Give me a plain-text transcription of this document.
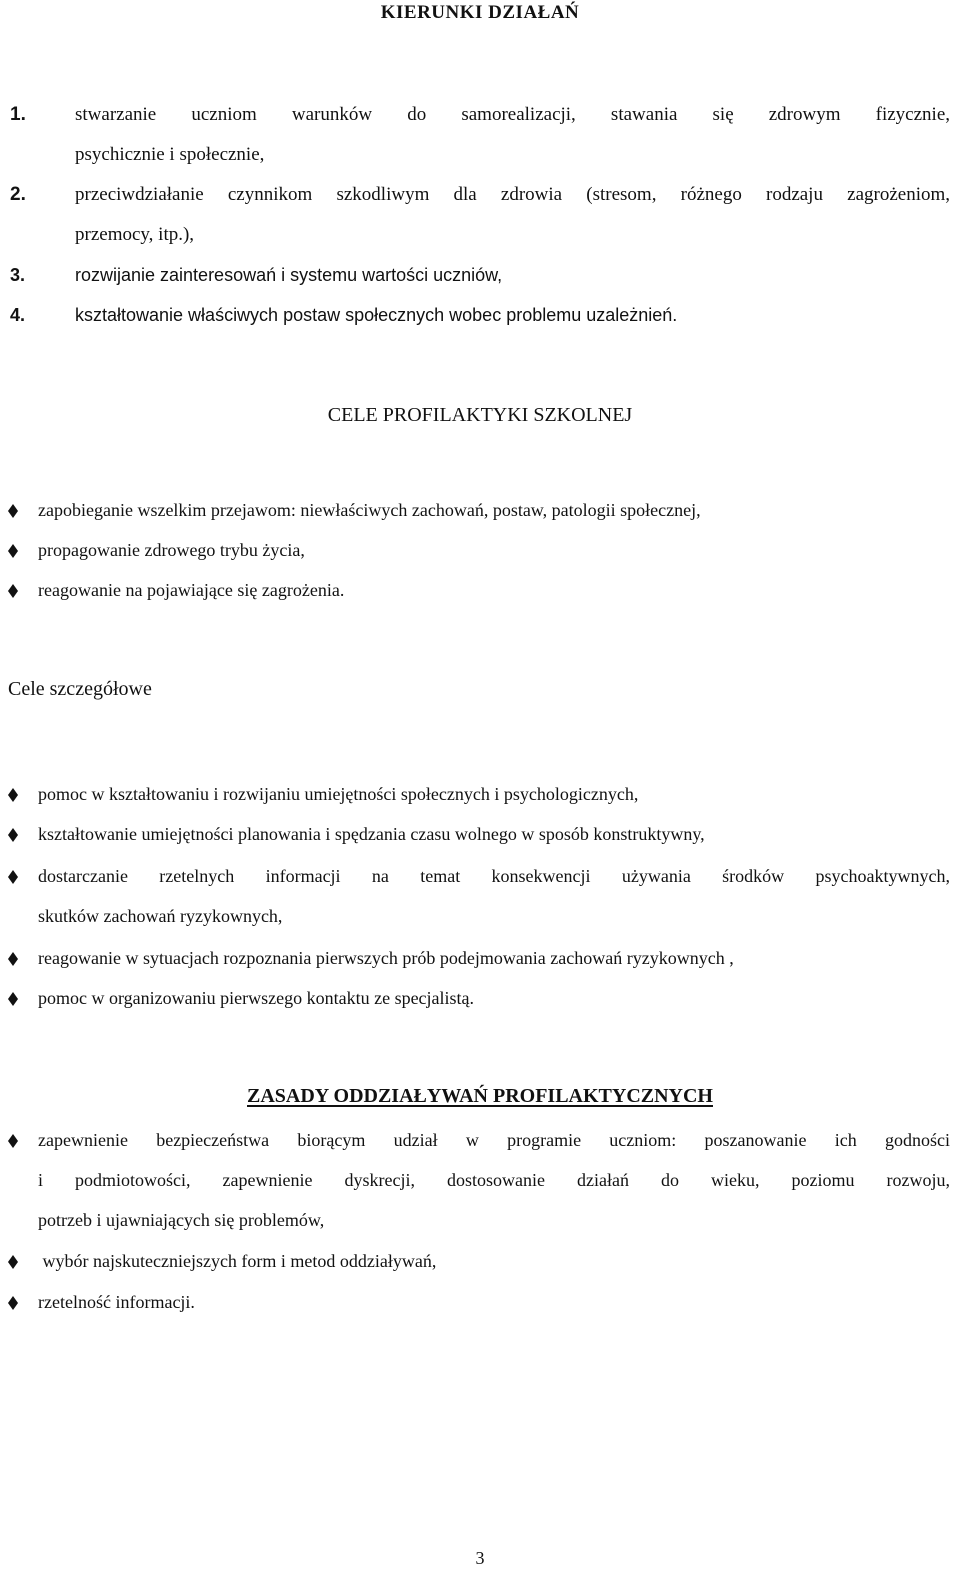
KIERUNKI DZIAŁAŃ
1.	stwarzanie uczniom warunków do samorealizacji, stawania się zdrowym fizycznie,
psychicznie i społecznie,
2.	przeciwdziałanie czynnikom szkodliwym dla zdrowia (stresom, różnego rodzaju zagrożeniom,
przemocy, itp.),
3.	rozwijanie zainteresowań i systemu wartości uczniów,
4.	kształtowanie właściwych postaw społecznych wobec problemu uzależnień.
CELE PROFILAKTYKI SZKOLNEJ
zapobieganie wszelkim przejawom: niewłaściwych zachowań, postaw, patologii społecznej,
propagowanie zdrowego trybu życia,
reagowanie na pojawiające się zagrożenia.
Cele szczegółowe
pomoc w kształtowaniu i rozwijaniu umiejętności społecznych i psychologicznych,
kształtowanie umiejętności planowania i spędzania czasu wolnego w sposób konstruktywny,
dostarczanie rzetelnych informacji na temat konsekwencji używania środków psychoaktywnych,
skutków zachowań ryzykownych,
reagowanie w sytuacjach rozpoznania pierwszych prób podejmowania zachowań ryzykownych ,
pomoc w organizowaniu pierwszego kontaktu ze specjalistą.
ZASADY ODDZIAŁYWAŃ PROFILAKTYCZNYCH
zapewnienie bezpieczeństwa biorącym udział w programie uczniom: poszanowanie ich godności
i podmiotowości, zapewnienie dyskrecji, dostosowanie działań do wieku, poziomu rozwoju,
potrzeb i ujawniających się problemów,
wybór najskuteczniejszych form i metod oddziaływań,
rzetelność informacji.
3
